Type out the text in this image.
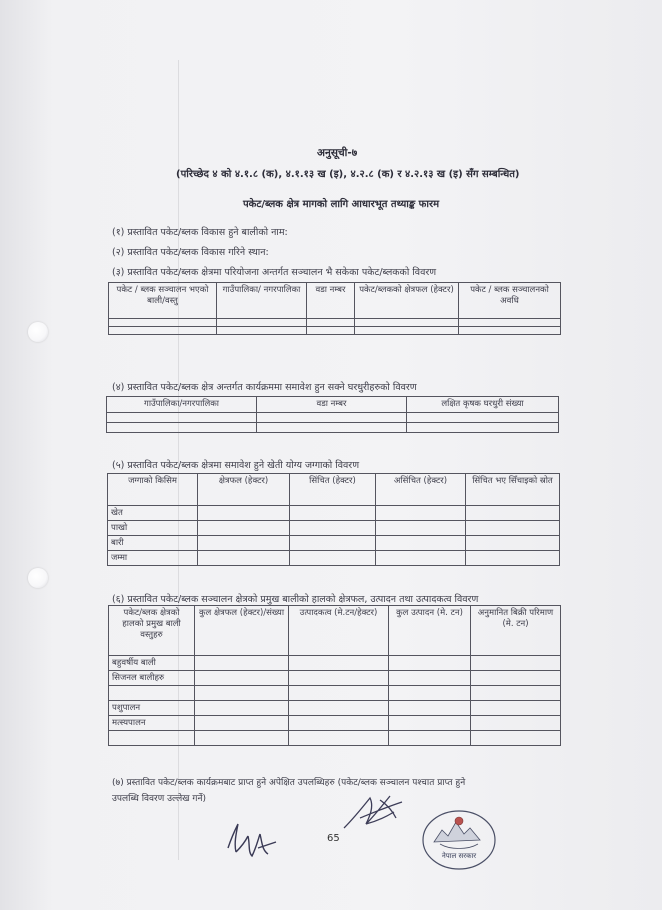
अनुसूची-७
(परिच्छेद ४ को ४.१.८ (क), ४.१.१३ ख (इ), ४.२.८ (क) र ४.२.१३ ख (इ) सँग सम्बन्धित)
पकेट/ब्लक क्षेत्र मागको लागि आधारभूत तथ्याङ्क फारम
(१) प्रस्तावित पकेट/ब्लक विकास हुने बालीको नाम:
(२) प्रस्तावित पकेट/ब्लक विकास गरिने स्थान:
(३) प्रस्तावित पकेट/ब्लक क्षेत्रमा परियोजना अन्तर्गत सञ्चालन भै सकेका पकेट/ब्लकको विवरण
पकेट / ब्लक सञ्चालन भएको बाली/वस्तु	गाउँपालिका/ नगरपालिका	वडा नम्बर	पकेट/ब्लकको क्षेत्रफल (हेक्टर)	पकेट / ब्लक सञ्चालनको अवधि

(४) प्रस्तावित पकेट/ब्लक क्षेत्र अन्तर्गत कार्यक्रममा समावेश हुन सक्ने घरधुरीहरुको विवरण
गाउँपालिका/नगरपालिका	वडा नम्बर	लक्षित कृषक घरधुरी संख्या

(५) प्रस्तावित पकेट/ब्लक क्षेत्रमा समावेश हुने खेती योग्य जग्गाको विवरण
जग्गाको किसिम	क्षेत्रफल (हेक्टर)	सिंचित (हेक्टर)	असिंचित (हेक्टर)	सिंचित भए सिँचाइको स्रोत
खेत				
पाखो				
बारी				
जम्मा				
(६) प्रस्तावित पकेट/ब्लक सञ्चालन क्षेत्रको प्रमुख बालीको हालको क्षेत्रफल, उत्पादन तथा उत्पादकत्व विवरण
पकेट/ब्लक क्षेत्रको हालको प्रमुख बाली वस्तुहरु	कुल क्षेत्रफल (हेक्टर)/संख्या	उत्पादकत्व (मे.टन/हेक्टर)	कुल उत्पादन (मे. टन)	अनुमानित बिक्री परिमाण (मे. टन)
बहुवर्षीय बाली				
सिजनल बालीहरु				

पशुपालन				
मत्स्यपालन				

(७) प्रस्तावित पकेट/ब्लक कार्यक्रमबाट प्राप्त हुने अपेक्षित उपलब्धिहरु (पकेट/ब्लक सञ्चालन पश्चात प्राप्त हुने
उपलब्धि विवरण उल्लेख गर्ने)
65
नेपाल सरकार
